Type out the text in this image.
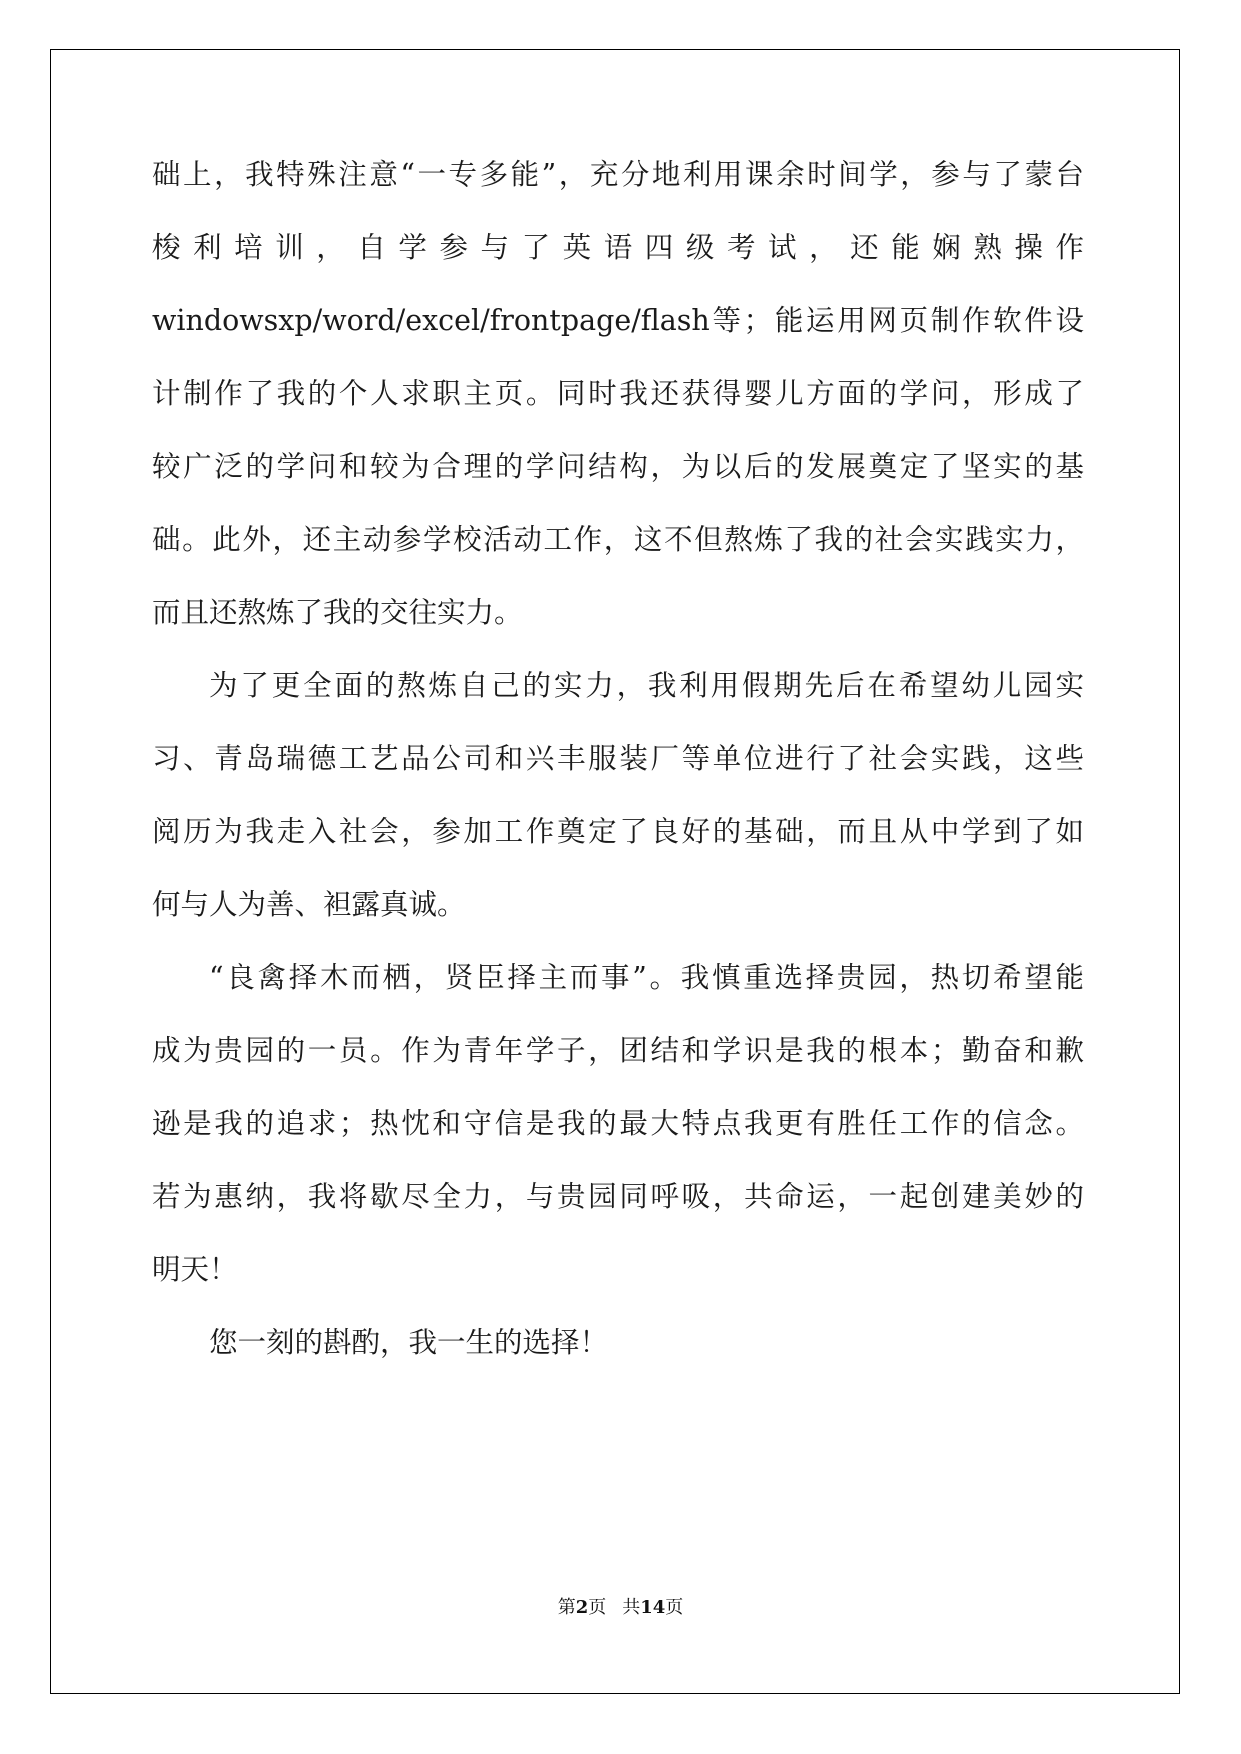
础上，我特殊注意“一专多能”，充分地利用课余时间学，参与了蒙台
梭利培训，自学参与了英语四级考试，还能娴熟操作
windowsxp/word/excel/frontpage/flash等；能运用网页制作软件设
计制作了我的个人求职主页。同时我还获得婴儿方面的学问，形成了
较广泛的学问和较为合理的学问结构，为以后的发展奠定了坚实的基
础。此外，还主动参学校活动工作，这不但熬炼了我的社会实践实力，
而且还熬炼了我的交往实力。
为了更全面的熬炼自己的实力，我利用假期先后在希望幼儿园实
习、青岛瑞德工艺品公司和兴丰服装厂等单位进行了社会实践，这些
阅历为我走入社会，参加工作奠定了良好的基础，而且从中学到了如
何与人为善、袒露真诚。
“良禽择木而栖，贤臣择主而事”。我慎重选择贵园，热切希望能
成为贵园的一员。作为青年学子，团结和学识是我的根本；勤奋和歉
逊是我的追求；热忱和守信是我的最大特点我更有胜任工作的信念。
若为惠纳，我将歇尽全力，与贵园同呼吸，共命运，一起创建美妙的
明天！
您一刻的斟酌，我一生的选择！
第2页 共14页
